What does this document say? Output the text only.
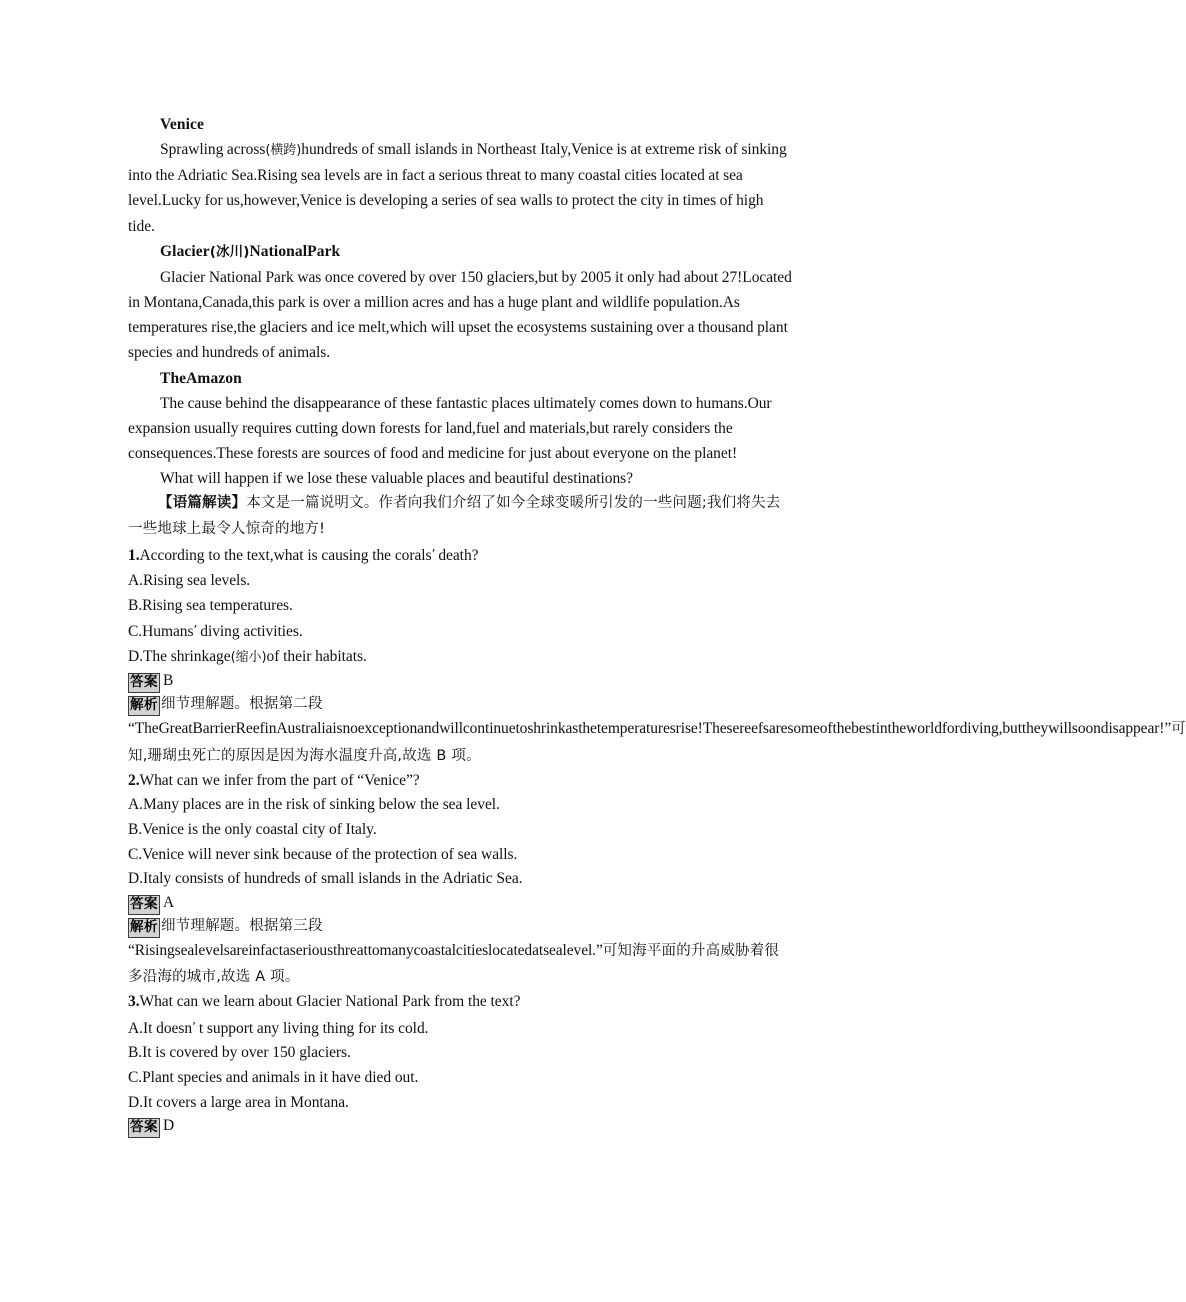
Venice

Sprawling across(横跨)hundreds of small islands in Northeast Italy,Venice is at extreme risk of sinking into the Adriatic Sea.Rising sea levels are in fact a serious threat to many coastal cities located at sea level.Lucky for us,however,Venice is developing a series of sea walls to protect the city in times of high tide.

Glacier(冰川)NationalPark

Glacier National Park was once covered by over 150 glaciers,but by 2005 it only had about 27!Located in Montana,Canada,this park is over a million acres and has a huge plant and wildlife population.As temperatures rise,the glaciers and ice melt,which will upset the ecosystems sustaining over a thousand plant species and hundreds of animals.

TheAmazon

The cause behind the disappearance of these fantastic places ultimately comes down to humans.Our expansion usually requires cutting down forests for land,fuel and materials,but rarely considers the consequences.These forests are sources of food and medicine for just about everyone on the planet!

What will happen if we lose these valuable places and beautiful destinations?

【语篇解读】本文是一篇说明文。作者向我们介绍了如今全球变暖所引发的一些问题;我们将失去一些地球上最令人惊奇的地方!

1.According to the text,what is causing the corals’ death?

A.Rising sea levels.

B.Rising sea temperatures.

C.Humans’ diving activities.

D.The shrinkage(缩小)of their habitats.

答案 B

解析 细节理解题。根据第二段

“TheGreatBarrierReefinAustraliaisnoexceptionandwillcontinuetoshrinkasthetemperaturesrise!Thesereefsaresomeofthebestintheworldfordiving,buttheywillsoondisappear!”可知,珊瑚虫死亡的原因是因为海水温度升高,故选 B 项。

2.What can we infer from the part of “Venice”?

A.Many places are in the risk of sinking below the sea level.

B.Venice is the only coastal city of Italy.

C.Venice will never sink because of the protection of sea walls.

D.Italy consists of hundreds of small islands in the Adriatic Sea.

答案 A

解析 细节理解题。根据第三段

“Risingsealevelsareinfactaseriousthreattomanycoastalcitieslocatedatsealevel.”可知海平面的升高威胁着很多沿海的城市,故选 A 项。

3.What can we learn about Glacier National Park from the text?

A.It doesn’ t support any living thing for its cold.

B.It is covered by over 150 glaciers.

C.Plant species and animals in it have died out.

D.It covers a large area in Montana.

答案 D
